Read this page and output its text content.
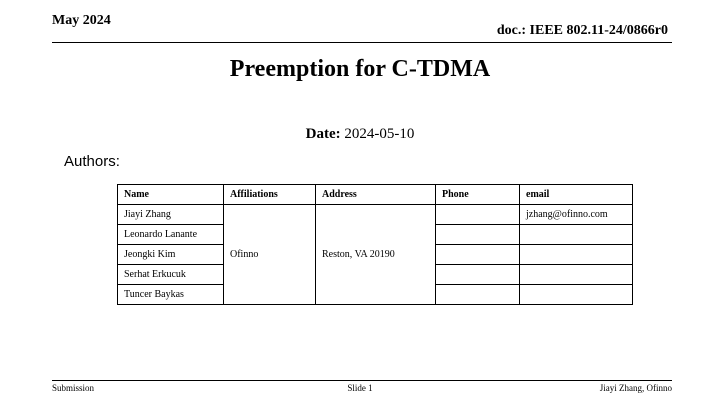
May 2024
doc.: IEEE 802.11-24/0866r0
Preemption for C-TDMA
Date: 2024-05-10
Authors:
Name	Affiliations	Address	Phone	email
Jiayi Zhang	Ofinno	Reston, VA 20190		jzhang@ofinno.com
Leonardo Lanante				
Jeongki Kim				
Serhat Erkucuk				
Tuncer Baykas				
Submission	Slide 1	Jiayi Zhang, Ofinno
